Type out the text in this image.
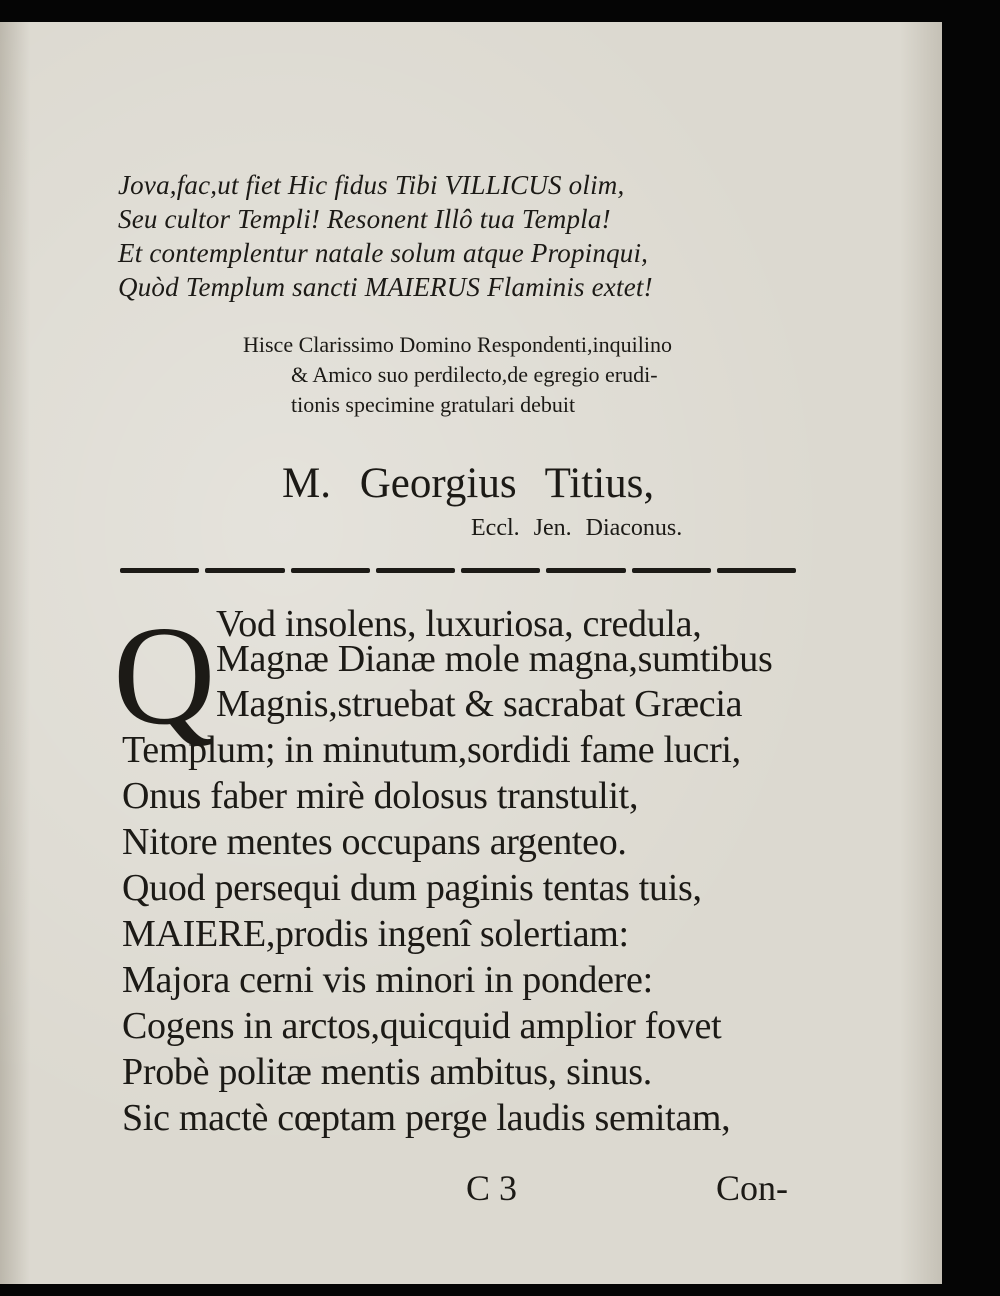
Jova,fac,ut fiet Hic fidus Tibi VILLICUS olim,
Seu cultor Templi! Resonent Illô tua Templa!
Et contemplentur natale solum atque Propinqui,
Quòd Templum sancti MAIERUS Flaminis extet!
Hisce Clarissimo Domino Respondenti,inquilino
& Amico suo perdilecto,de egregio erudi-
tionis specimine gratulari debuit
M. Georgius Titius,
Eccl. Jen. Diaconus.
Q Vod insolens, luxuriosa, credula,
Magnæ Dianæ mole magna,sumtibus
Magnis,struebat & sacrabat Græcia
Templum; in minutum,sordidi fame lucri,
Onus faber mirè dolosus transtulit,
Nitore mentes occupans argenteo.
Quod persequi dum paginis tentas tuis,
MAIERE,prodis ingenî solertiam:
Majora cerni vis minori in pondere:
Cogens in arctos,quicquid amplior fovet
Probè politæ mentis ambitus, sinus.
Sic mactè cœptam perge laudis semitam,
C 3	Con-
